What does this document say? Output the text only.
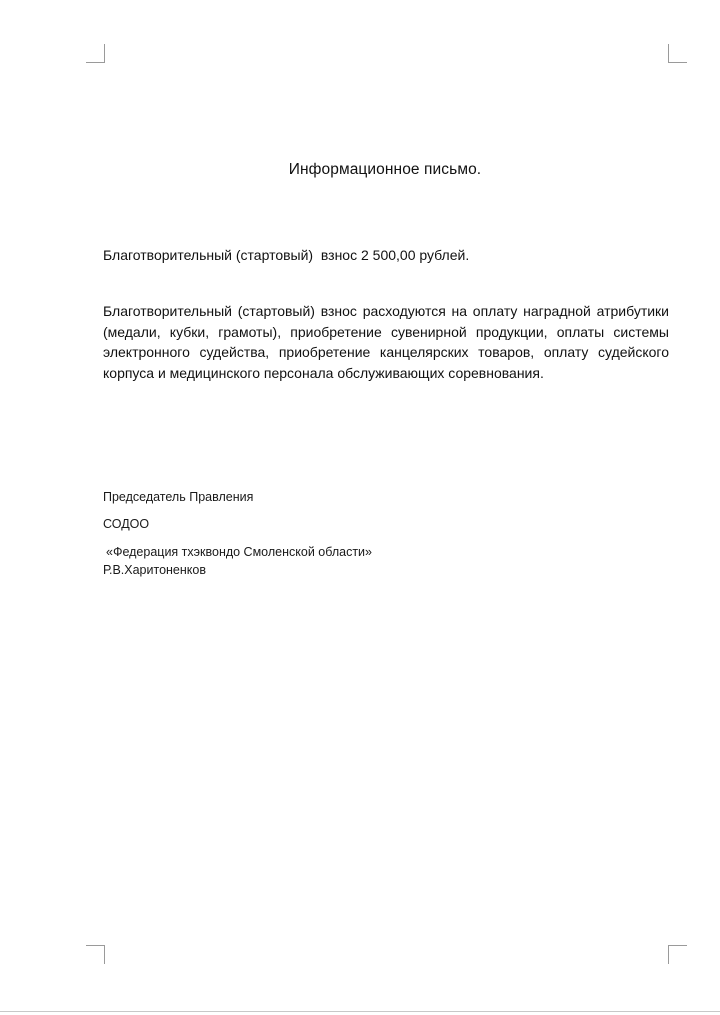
Информационное письмо.
Благотворительный (стартовый)  взнос 2 500,00 рублей.

Благотворительный (стартовый) взнос расходуются на оплату наградной атрибутики (медали, кубки, грамоты), приобретение сувенирной продукции, оплаты системы электронного судейства, приобретение канцелярских товаров, оплату судейского корпуса и медицинского персонала обслуживающих соревнования.

Председатель Правления
СОДОО
«Федерация тхэквондо Смоленской области»
Р.В.Харитоненков
